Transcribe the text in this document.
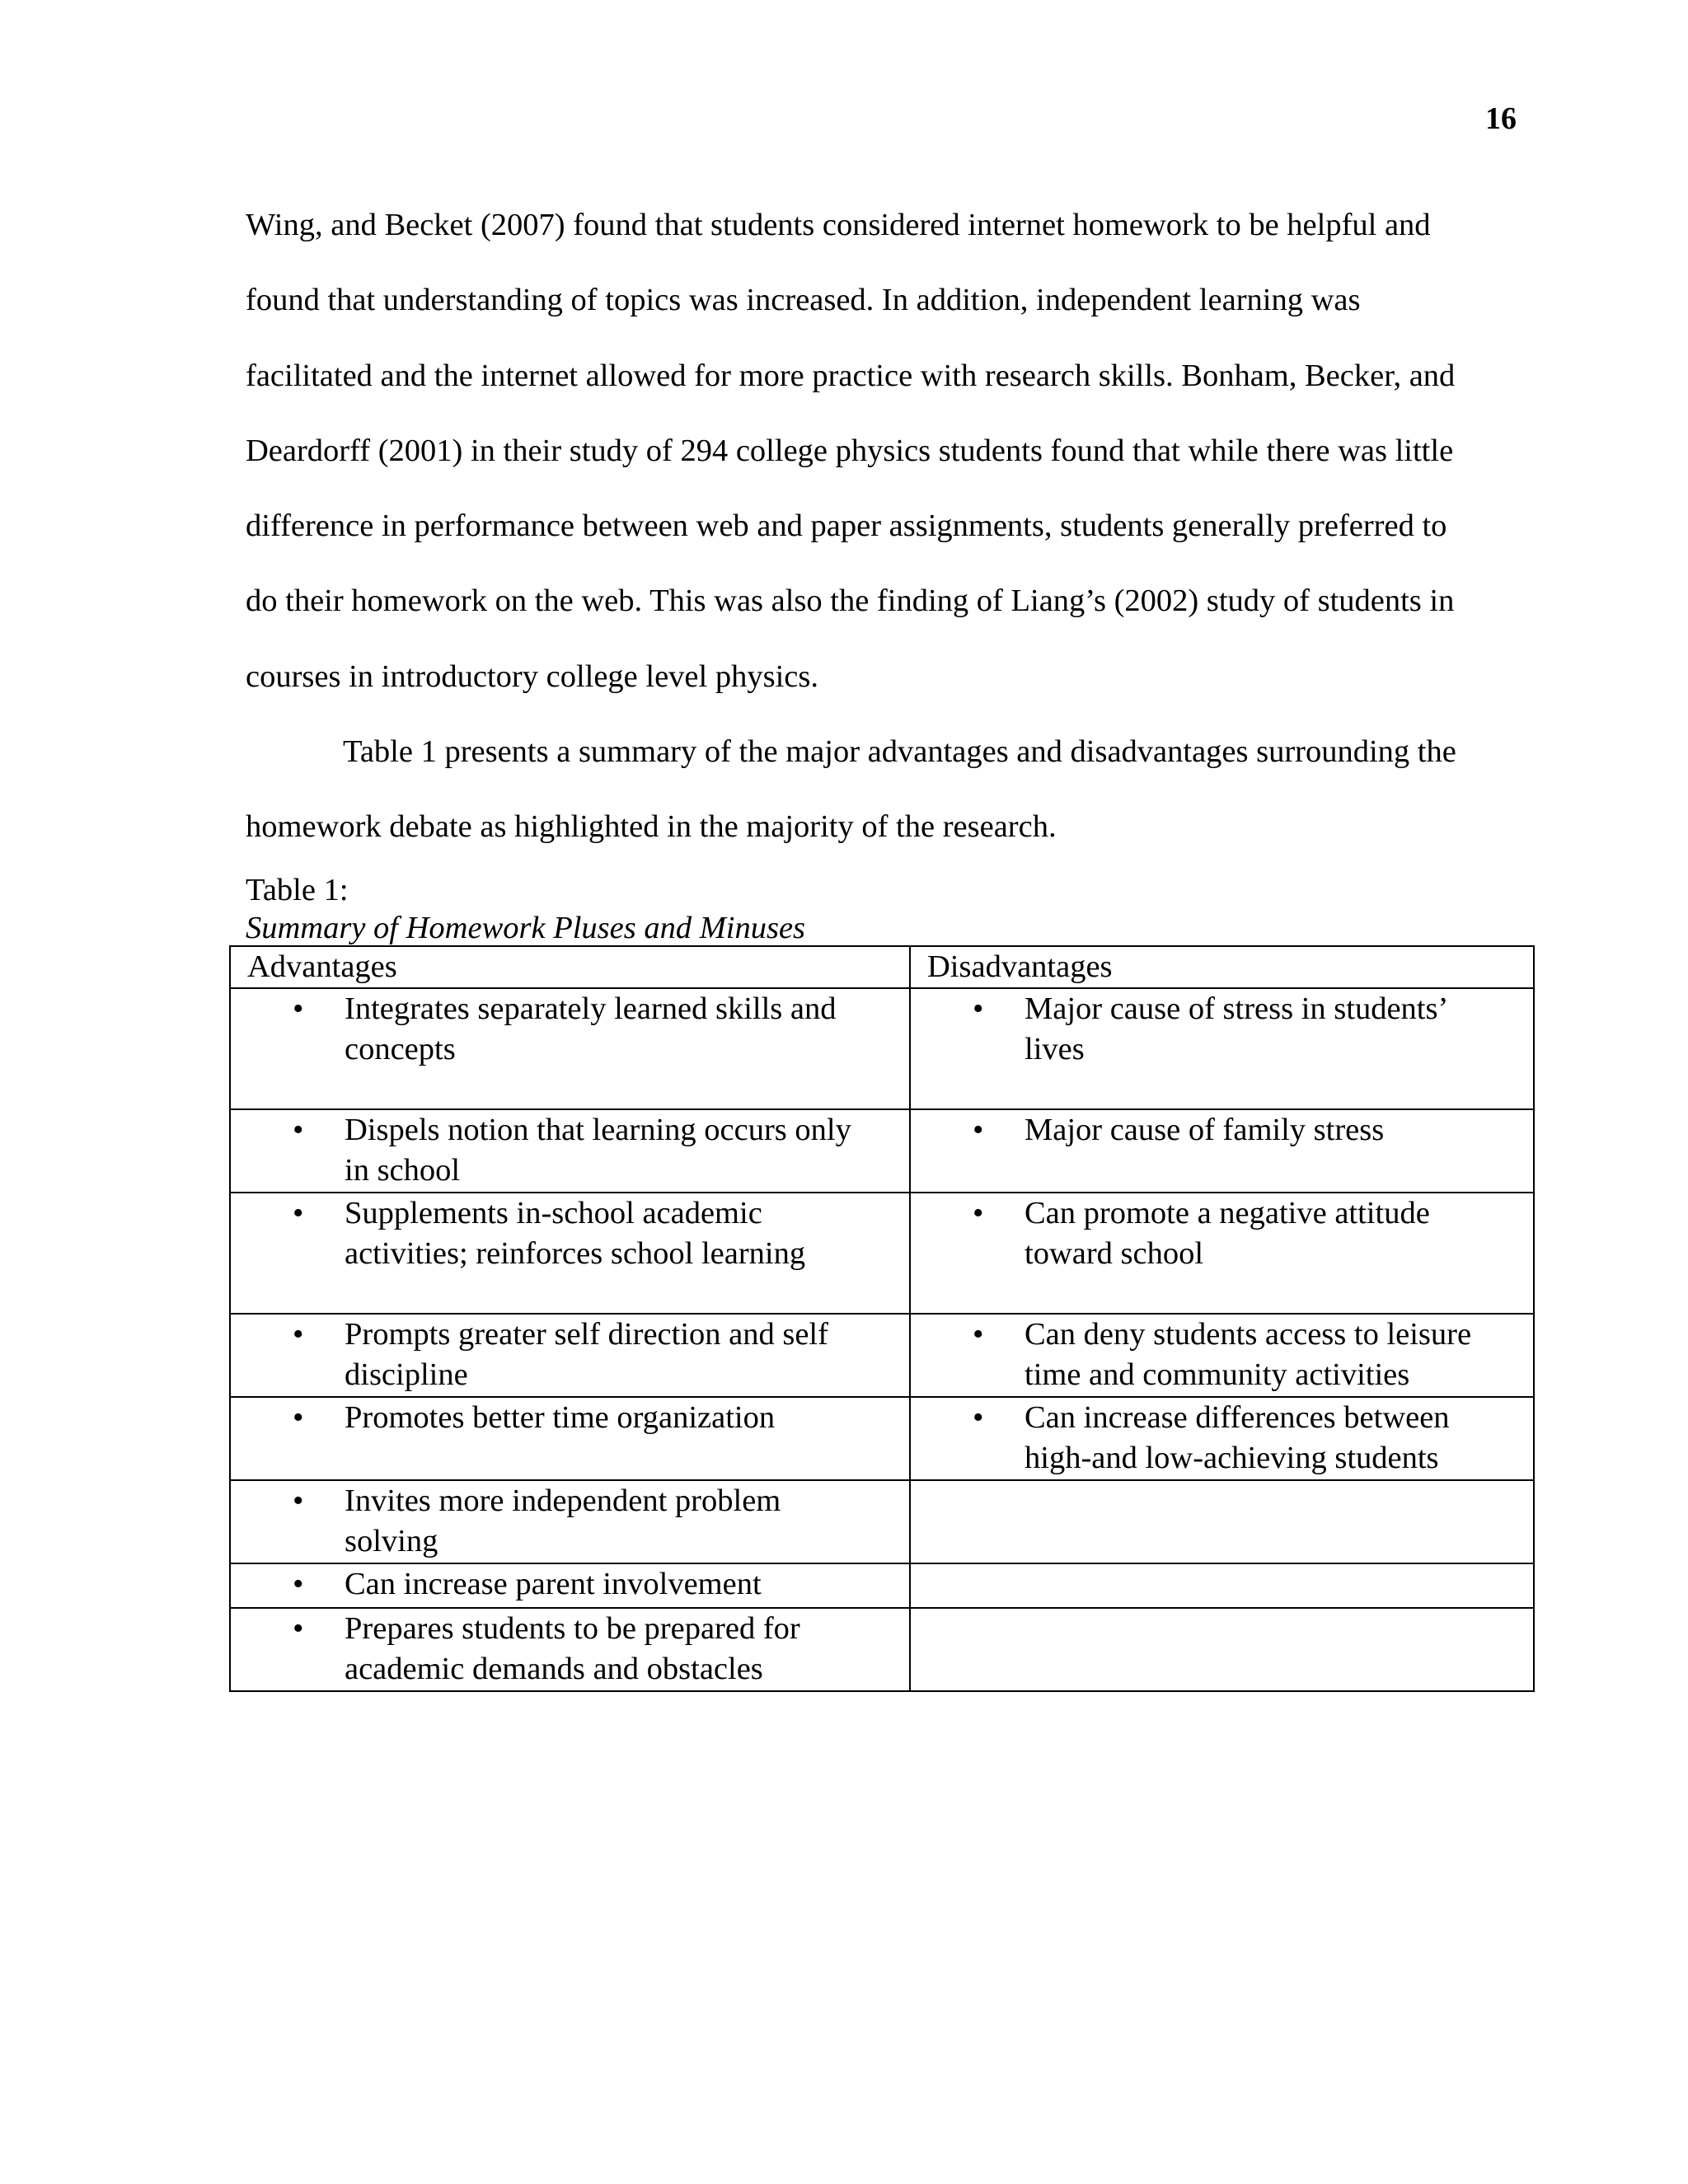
16

Wing, and Becket (2007) found that students considered internet homework to be helpful and
found that understanding of topics was increased. In addition, independent learning was
facilitated and the internet allowed for more practice with research skills. Bonham, Becker, and
Deardorff (2001) in their study of 294 college physics students found that while there was little
difference in performance between web and paper assignments, students generally preferred to
do their homework on the web. This was also the finding of Liang’s (2002) study of students in
courses in introductory college level physics.

Table 1 presents a summary of the major advantages and disadvantages surrounding the
homework debate as highlighted in the majority of the research.

Table 1:
Summary of Homework Pluses and Minuses
Advantages	Disadvantages

• Integrates separately learned skills and
concepts	• Major cause of stress in students’
lives

• Dispels notion that learning occurs only
in school	• Major cause of family stress

• Supplements in-school academic
activities; reinforces school learning	• Can promote a negative attitude
toward school

• Prompts greater self direction and self
discipline	• Can deny students access to leisure
time and community activities

• Promotes better time organization	• Can increase differences between
high-and low-achieving students

• Invites more independent problem
solving	

• Can increase parent involvement	

• Prepares students to be prepared for
academic demands and obstacles	
